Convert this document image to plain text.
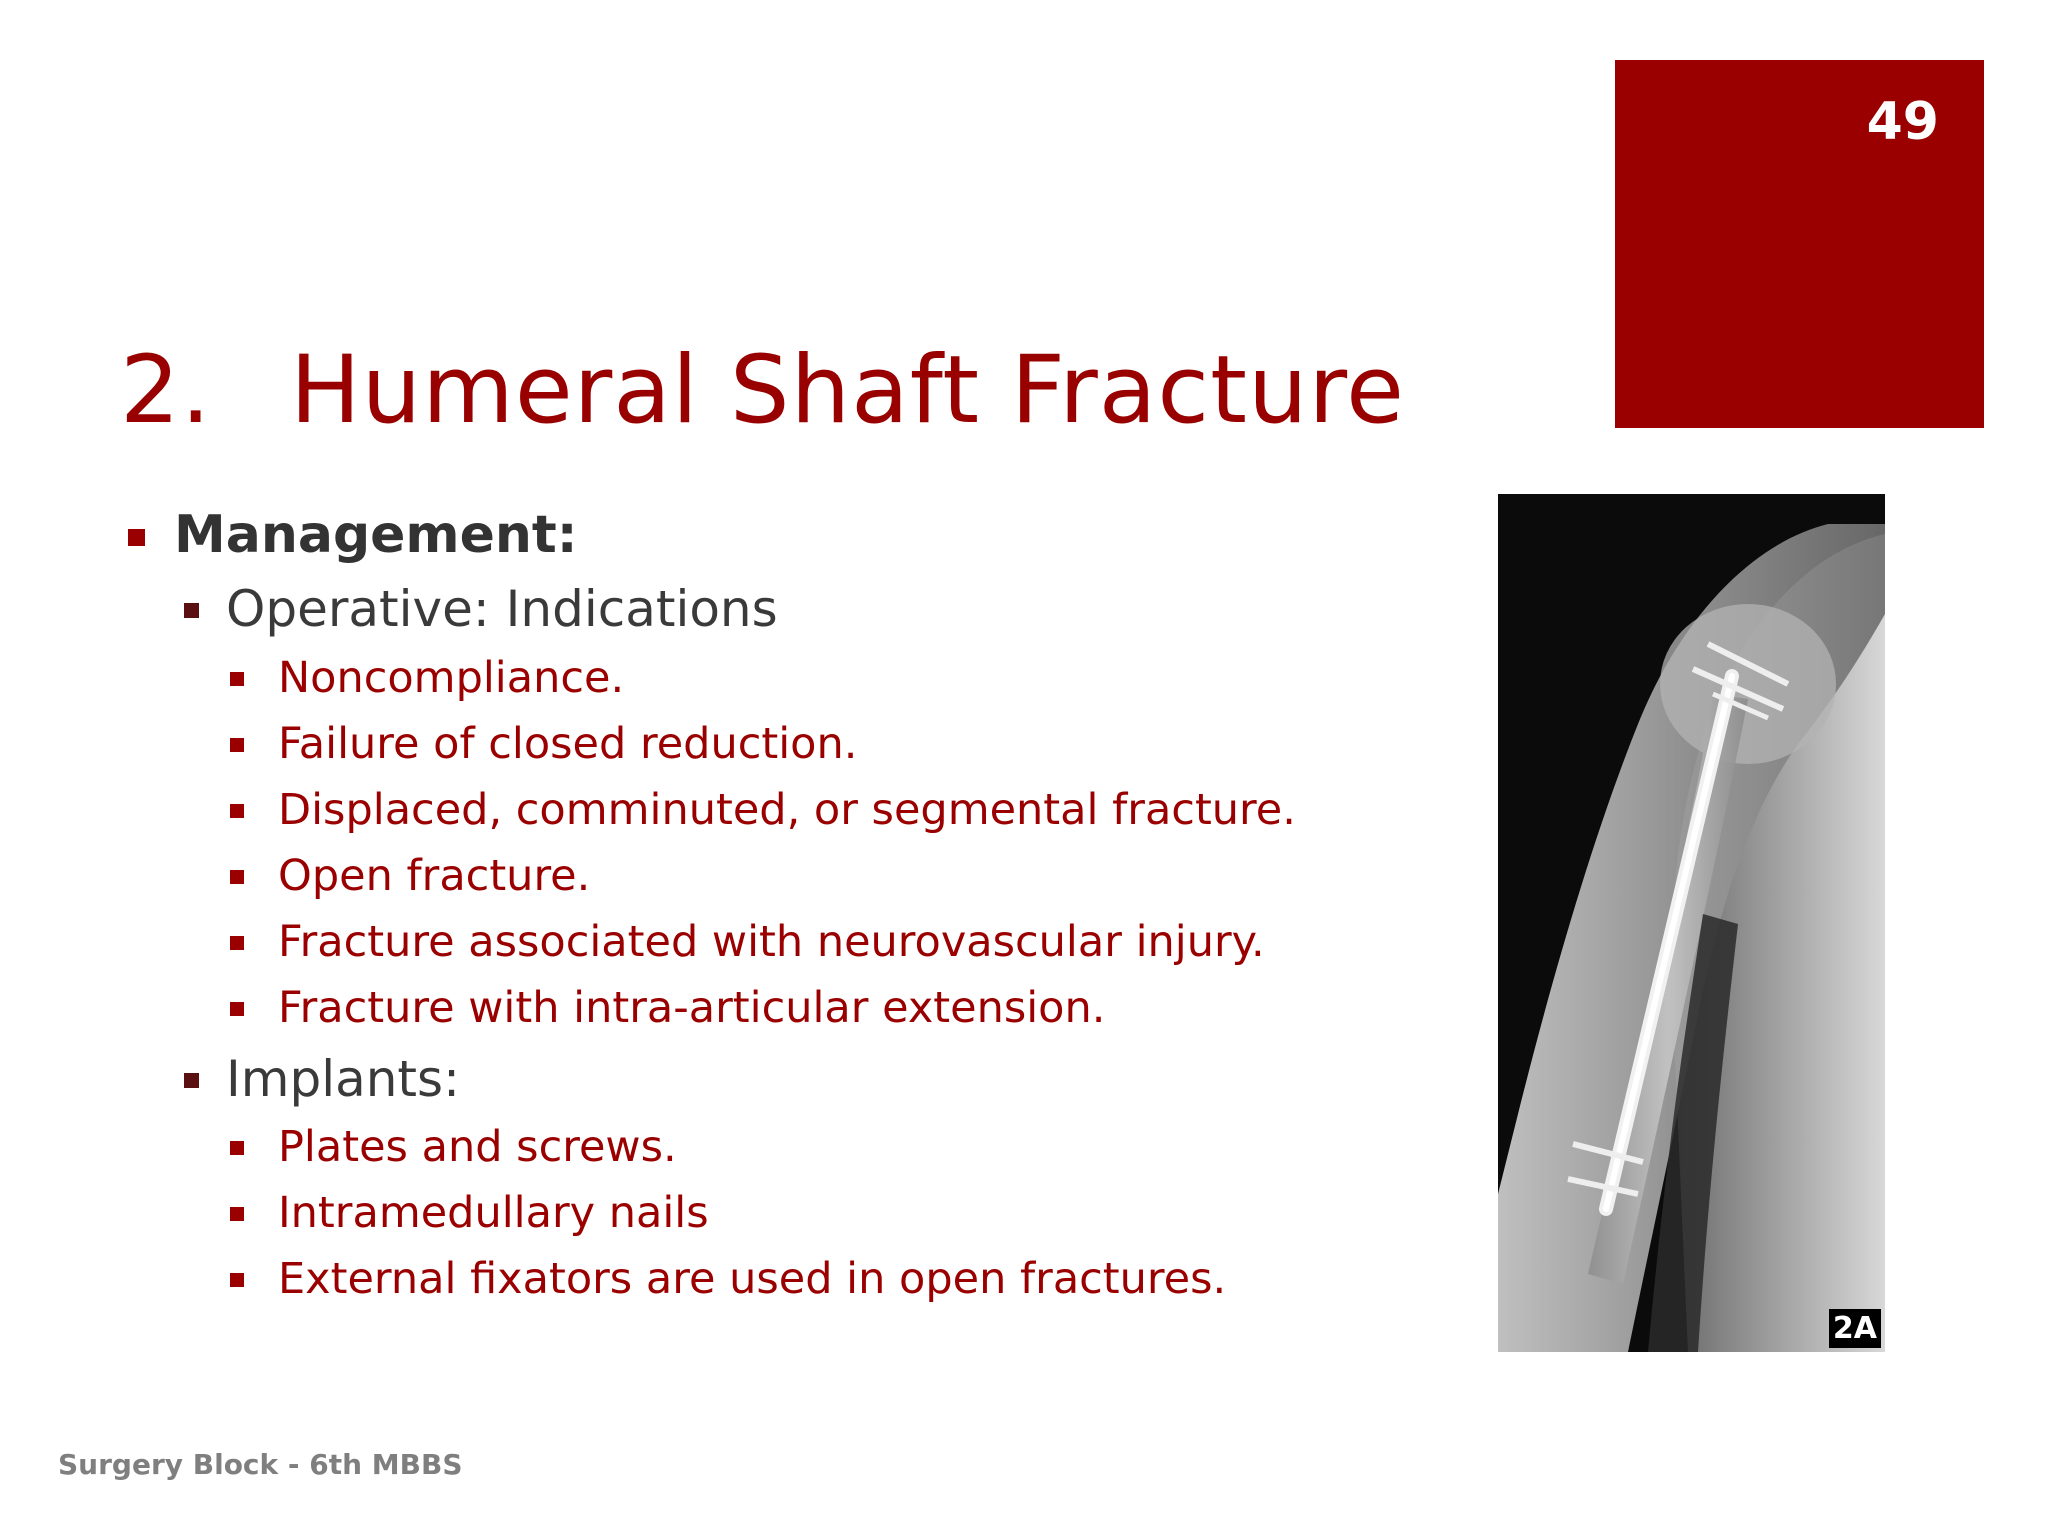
49
2. Humeral Shaft Fracture
Management:
Operative: Indications
Noncompliance.
Failure of closed reduction.
Displaced, comminuted, or segmental fracture.
Open fracture.
Fracture associated with neurovascular injury.
Fracture with intra-articular extension.
Implants:
Plates and screws.
Intramedullary nails
External fixators are used in open fractures.
2A
Surgery Block - 6th MBBS
